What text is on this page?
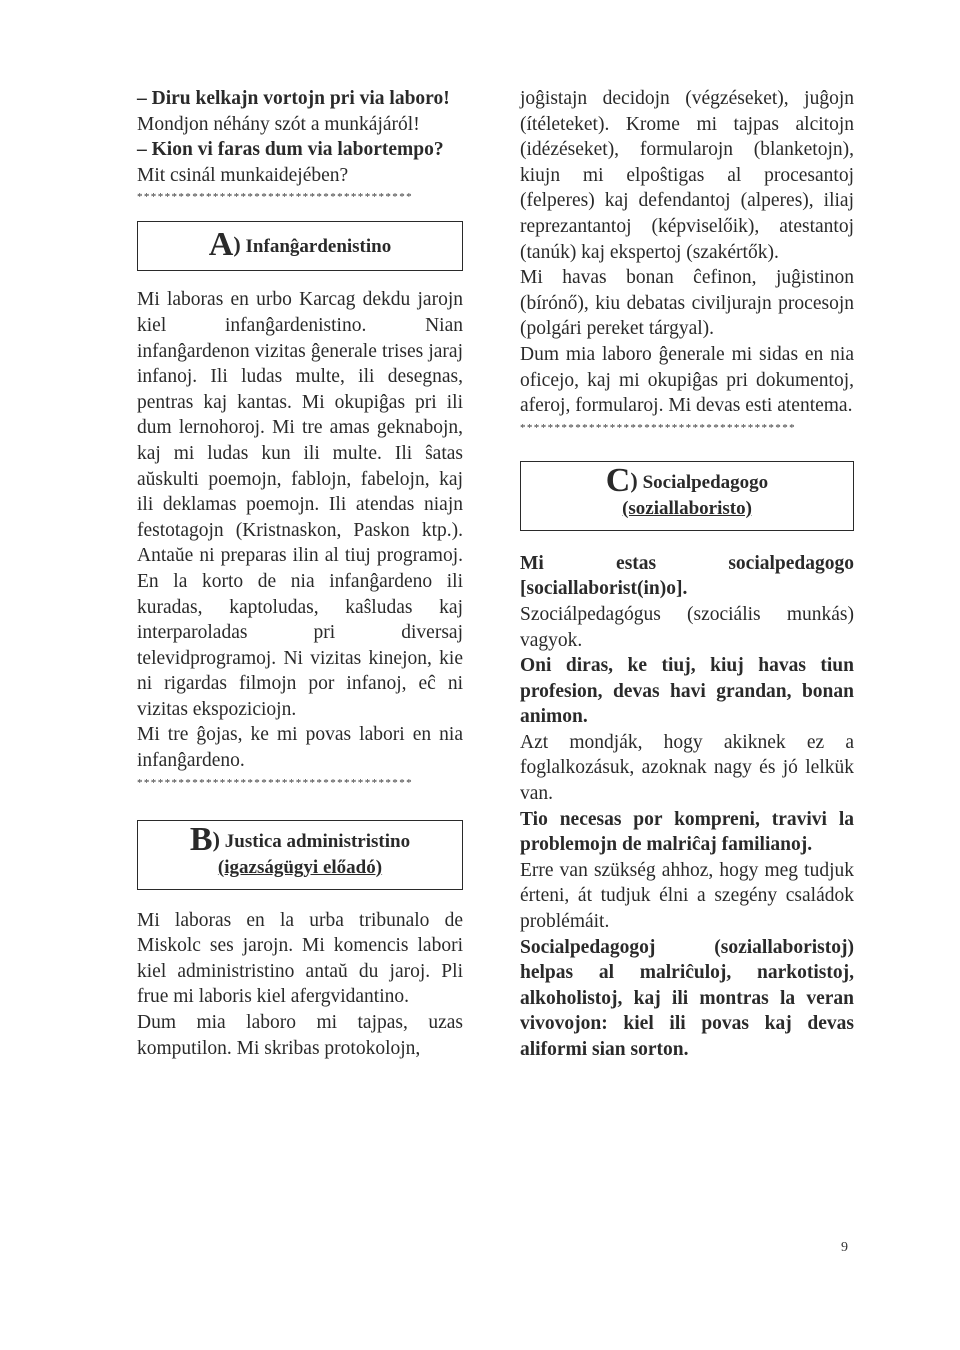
– Diru kelkajn vortojn pri via laboro!

Mondjon néhány szót a munkájáról!

– Kion vi faras dum via labortempo?

Mit csinál munkaidejében?

****************************************
A) Infanĝardenistino

Mi laboras en urbo Karcag dekdu jarojn kiel infanĝardenistino. Nian infanĝardenon vizitas ĝenerale trises jaraj infanoj. Ili ludas multe, ili desegnas, pentras kaj kantas. Mi okupiĝas pri ili dum lernohoroj. Mi tre amas geknabojn, kaj mi ludas kun ili multe. Ili ŝatas aŭskulti poemojn, fablojn, fabelojn, kaj ili deklamas poemojn. Ili atendas niajn festotagojn (Kristnaskon, Paskon ktp.). Antaŭe ni preparas ilin al tiuj programoj. En la korto de nia infanĝardeno ili kuradas, kaptoludas, kaŝludas kaj interparoladas pri diversaj televidprogramoj. Ni vizitas kinejon, kie ni rigardas filmojn por infanoj, eĉ ni vizitas ekspoziciojn.

Mi tre ĝojas, ke mi povas labori en nia infanĝardeno.

****************************************
B) Justica administristino
(igazságügyi előadó)

Mi laboras en la urba tribunalo de Miskolc ses jarojn. Mi komencis labori kiel administristino antaŭ du jaroj. Pli frue mi laboris kiel afergvidantino.

Dum mia laboro mi tajpas, uzas komputilon. Mi skribas protokolojn,

joĝistajn decidojn (végzéseket), juĝojn (ítéleteket). Krome mi tajpas alcitojn (idézéseket), formularojn (blanketojn), kiujn mi elpoŝtigas al procesantoj (felperes) kaj defendantoj (alperes), iliaj reprezantantoj (képviselőik), atestantoj (tanúk) kaj ekspertoj (szakértők).

Mi havas bonan ĉefinon, juĝistinon (bírónő), kiu debatas civiljurajn procesojn (polgári pereket tárgyal).

Dum mia laboro ĝenerale mi sidas en nia oficejo, kaj mi okupiĝas pri dokumentoj, aferoj, formularoj. Mi devas esti atentema.

****************************************
C) Socialpedagogo
(soziallaboristo)

Mi estas socialpedagogo [sociallaborist(in)o].

Szociálpedagógus (szociális munkás) vagyok.

Oni diras, ke tiuj, kiuj havas tiun profesion, devas havi grandan, bonan animon.

Azt mondják, hogy akiknek ez a foglalkozásuk, azoknak nagy és jó lelkük van.

Tio necesas por kompreni, travivi la problemojn de malriĉaj familianoj.

Erre van szükség ahhoz, hogy meg tudjuk érteni, át tudjuk élni a szegény családok problémáit.

Socialpedagogoj (soziallaboristoj) helpas al malriĉuloj, narkotistoj, alkoholistoj, kaj ili montras la veran vivovojon: kiel ili povas kaj devas aliformi sian sorton.

9
